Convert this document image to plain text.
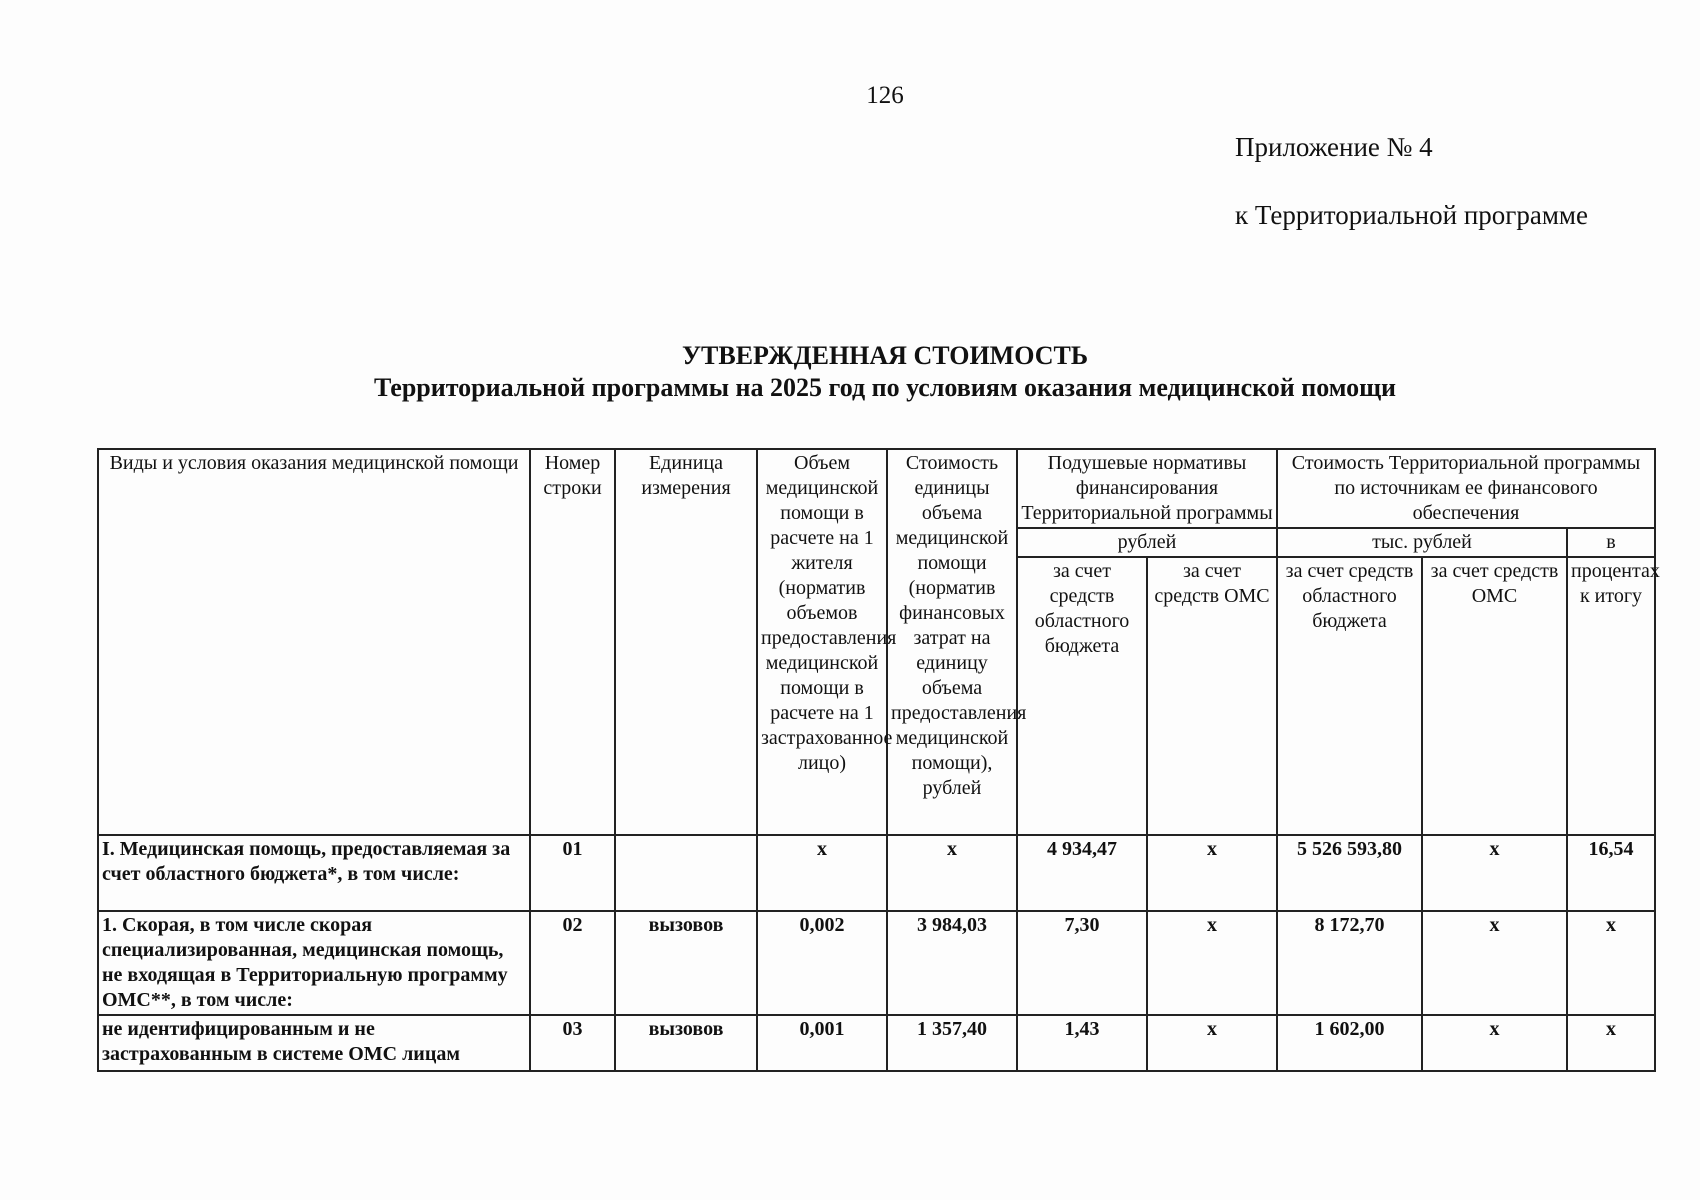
126
Приложение № 4
к Территориальной программе
УТВЕРЖДЕННАЯ СТОИМОСТЬ
Территориальной программы на 2025 год по условиям оказания медицинской помощи
Виды и условия оказания медицинской помощи	Номер строки	Единица измерения	Объем медицинской помощи в расчете на 1 жителя (норматив объемов предоставления медицинской помощи в расчете на 1 застрахованное лицо)	Стоимость единицы объема медицинской помощи (норматив финансовых затрат на единицу объема предоставления медицинской помощи), рублей	Подушевые нормативы финансирования Территориальной программы		Стоимость Территориальной программы по источникам ее финансового обеспечения		
					рублей		тыс. рублей		в
					за счет средств областного бюджета	за счет средств ОМС	за счет средств областного бюджета	за счет средств ОМС	процентах к итогу
I. Медицинская помощь, предоставляемая за счет областного бюджета*, в том числе:	01		х	х	4 934,47	х	5 526 593,80	х	16,54
1. Скорая, в том числе скорая специализированная, медицинская помощь, не входящая в Территориальную программу ОМС**, в том числе:	02	вызовов	0,002	3 984,03	7,30	х	8 172,70	х	х
не идентифицированным и не застрахованным в системе ОМС лицам	03	вызовов	0,001	1 357,40	1,43	х	1 602,00	х	х
